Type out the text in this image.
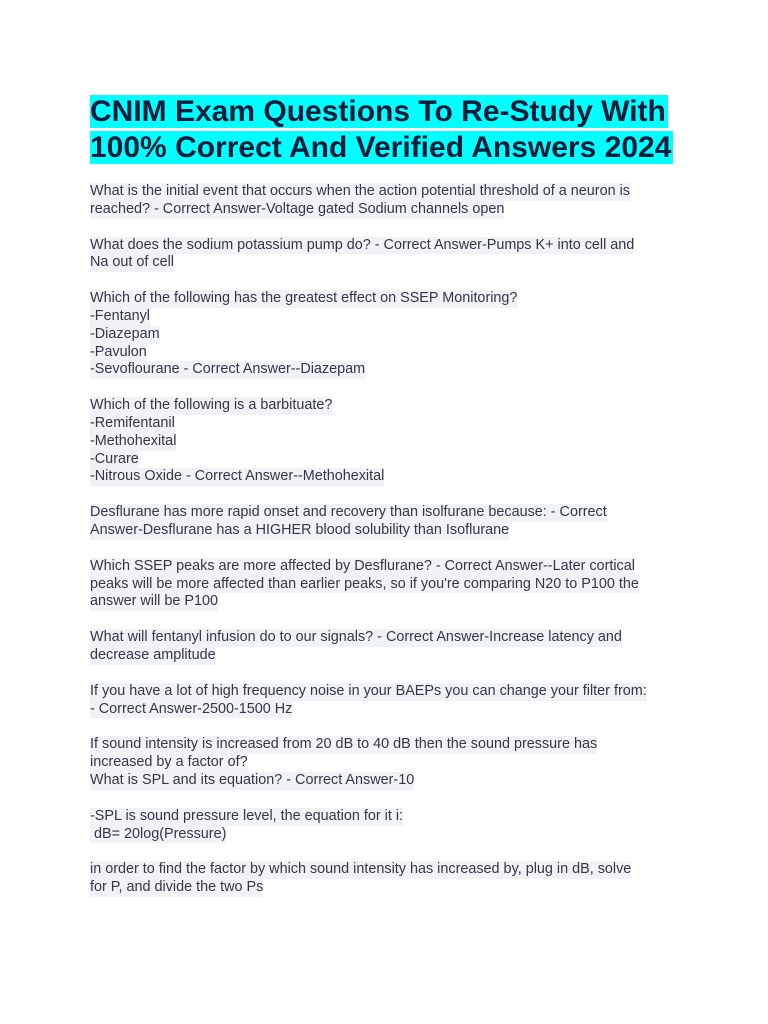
CNIM Exam Questions To Re-Study With
100% Correct And Verified Answers 2024
What is the initial event that occurs when the action potential threshold of a neuron is
reached? - Correct Answer-Voltage gated Sodium channels open
What does the sodium potassium pump do? - Correct Answer-Pumps K+ into cell and
Na out of cell
Which of the following has the greatest effect on SSEP Monitoring?
-Fentanyl
-Diazepam
-Pavulon
-Sevoflourane - Correct Answer--Diazepam
Which of the following is a barbituate?
-Remifentanil
-Methohexital
-Curare
-Nitrous Oxide - Correct Answer--Methohexital
Desflurane has more rapid onset and recovery than isolfurane because: - Correct
Answer-Desflurane has a HIGHER blood solubility than Isoflurane
Which SSEP peaks are more affected by Desflurane? - Correct Answer--Later cortical
peaks will be more affected than earlier peaks, so if you're comparing N20 to P100 the
answer will be P100
What will fentanyl infusion do to our signals? - Correct Answer-Increase latency and
decrease amplitude
If you have a lot of high frequency noise in your BAEPs you can change your filter from:
- Correct Answer-2500-1500 Hz
If sound intensity is increased from 20 dB to 40 dB then the sound pressure has
increased by a factor of?
What is SPL and its equation? - Correct Answer-10
-SPL is sound pressure level, the equation for it i:
dB= 20log(Pressure)
in order to find the factor by which sound intensity has increased by, plug in dB, solve
for P, and divide the two Ps
